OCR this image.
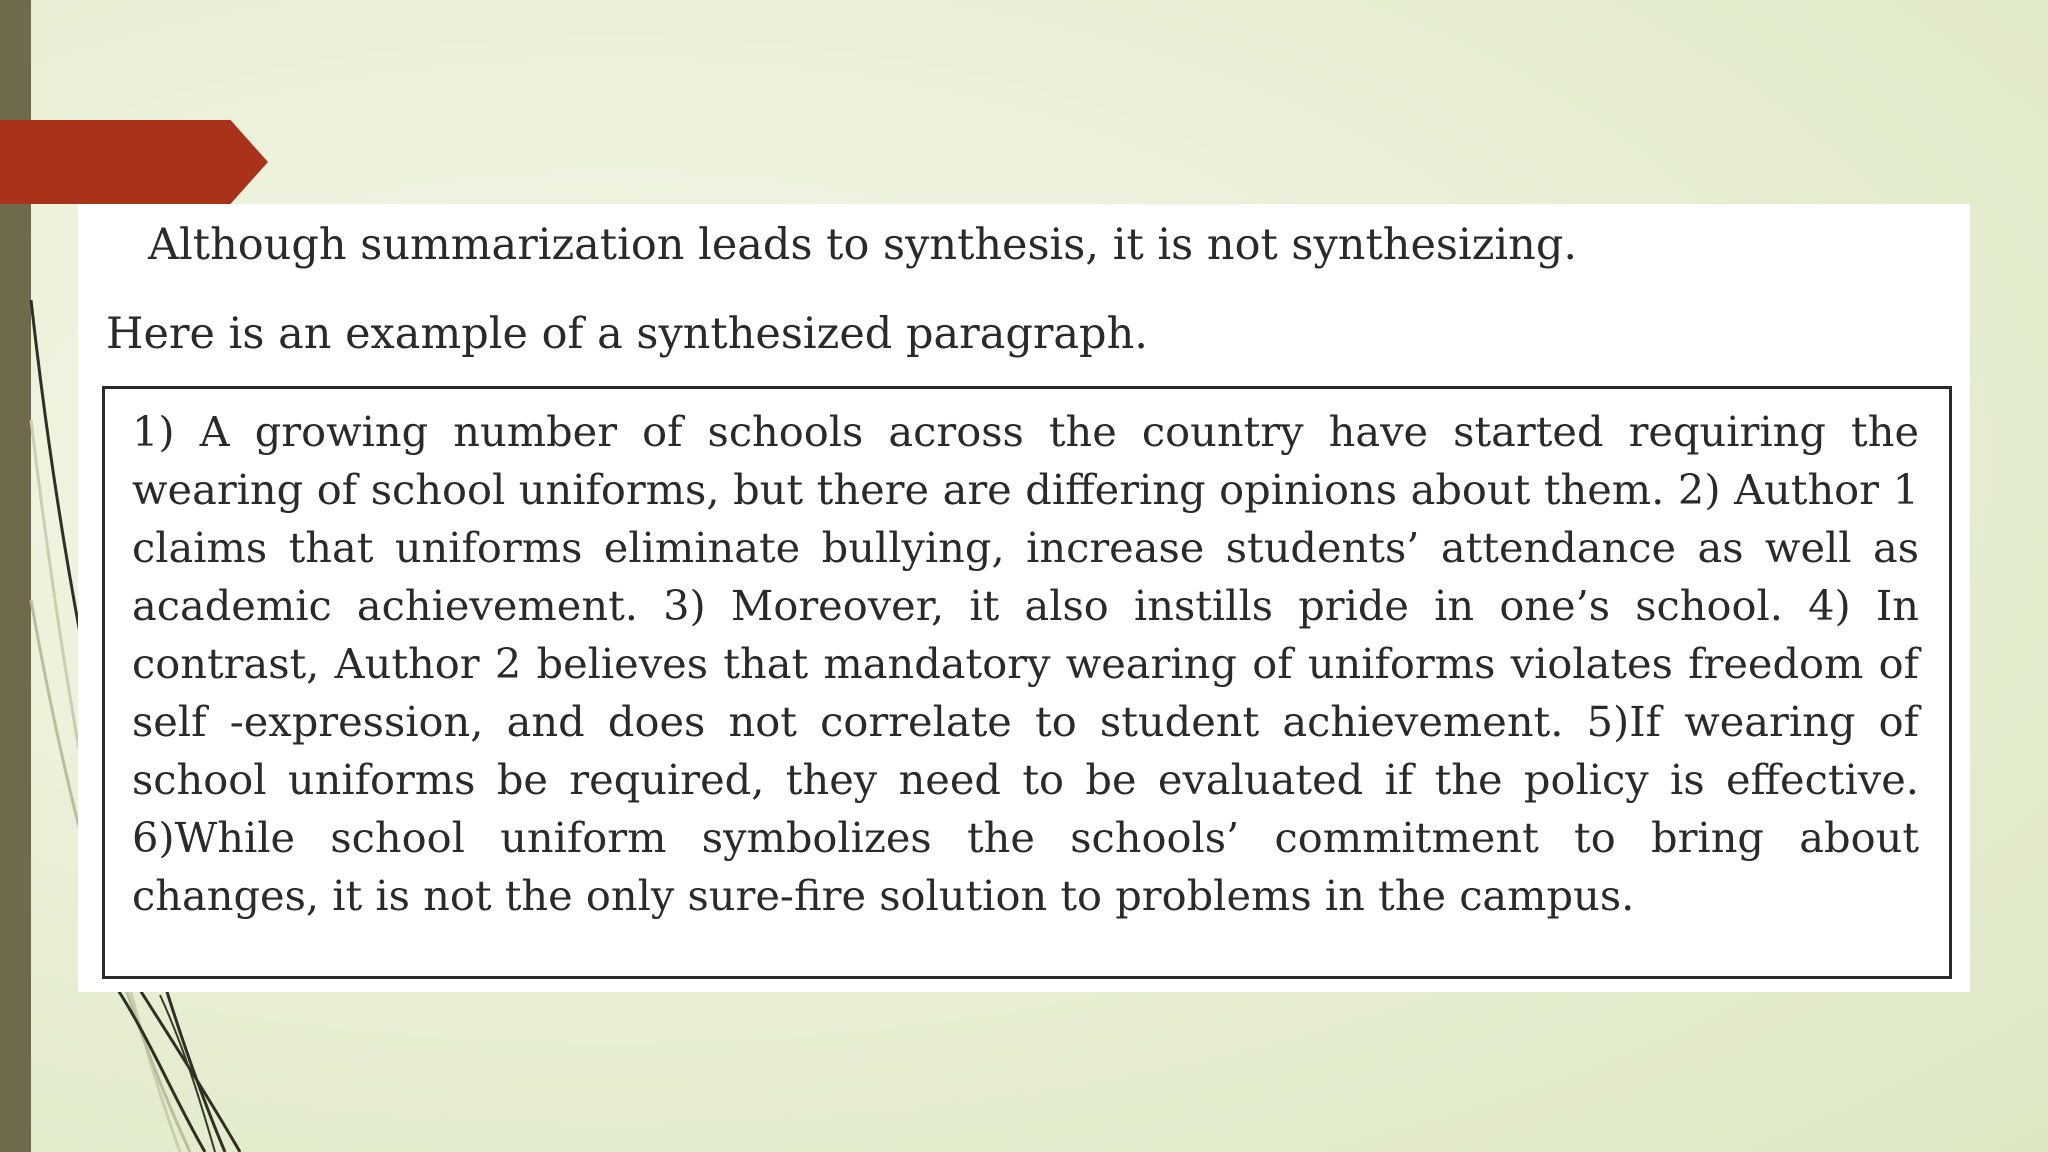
Although summarization leads to synthesis, it is not synthesizing.

Here is an example of a synthesized paragraph.

1) A growing number of schools across the country have started requiring the wearing of school uniforms, but there are differing opinions about them. 2) Author 1 claims that uniforms eliminate bullying, increase students’ attendance as well as academic achievement. 3) Moreover, it also instills pride in one’s school. 4) In contrast, Author 2 believes that mandatory wearing of uniforms violates freedom of self -expression, and does not correlate to student achievement. 5)If wearing of school uniforms be required, they need to be evaluated if the policy is effective. 6)While school uniform symbolizes the schools’ commitment to bring about changes, it is not the only sure-fire solution to problems in the campus.
